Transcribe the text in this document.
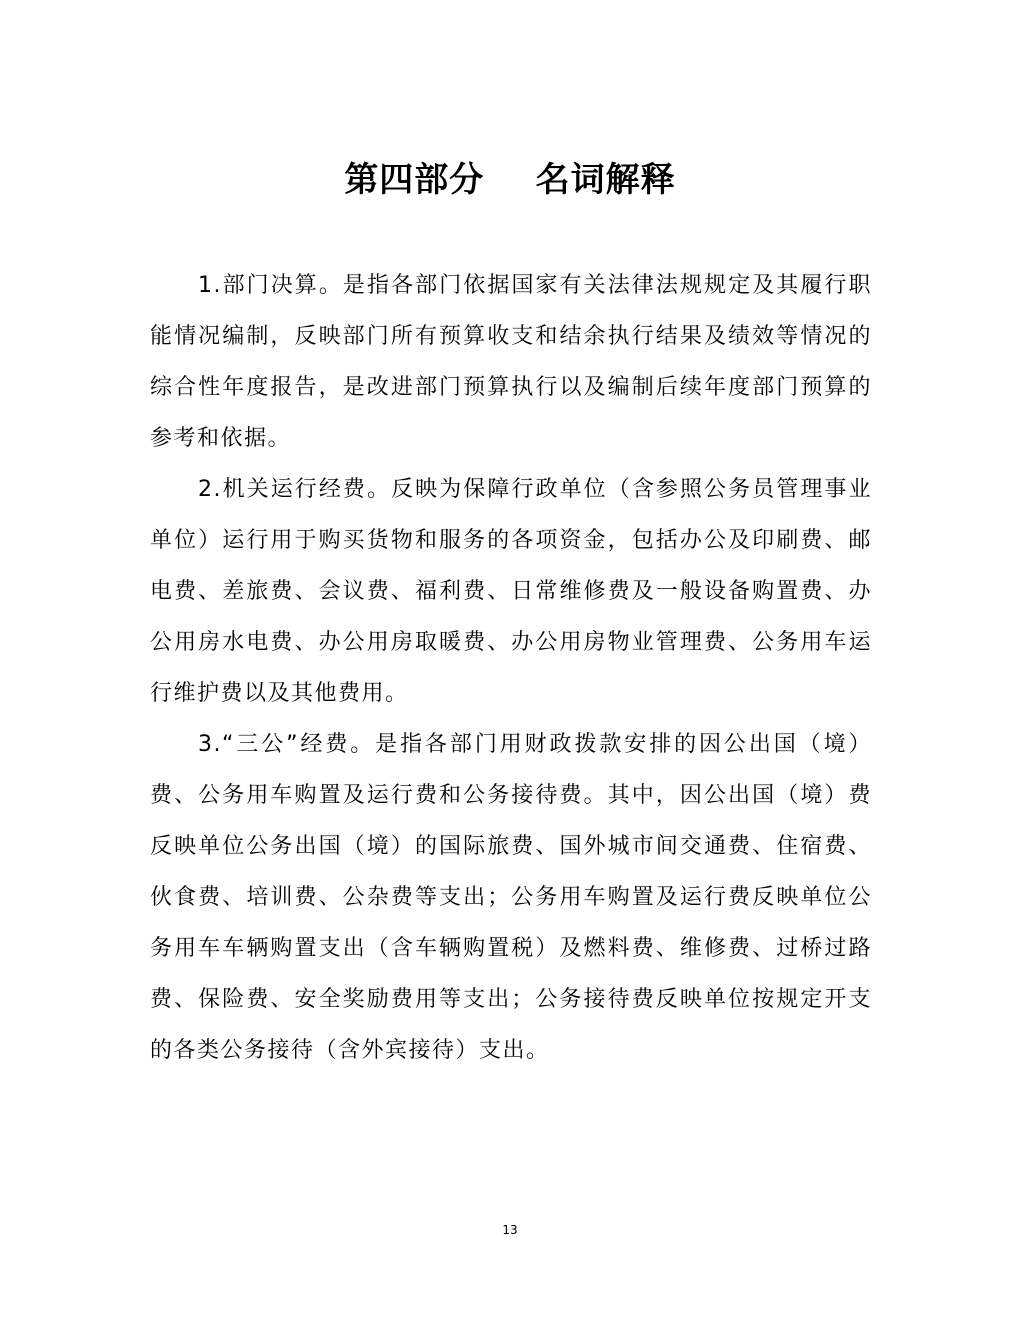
第四部分    名词解释

1.部门决算。是指各部门依据国家有关法律法规规定及其履行职能情况编制，反映部门所有预算收支和结余执行结果及绩效等情况的综合性年度报告，是改进部门预算执行以及编制后续年度部门预算的参考和依据。

2.机关运行经费。反映为保障行政单位（含参照公务员管理事业单位）运行用于购买货物和服务的各项资金，包括办公及印刷费、邮电费、差旅费、会议费、福利费、日常维修费及一般设备购置费、办公用房水电费、办公用房取暖费、办公用房物业管理费、公务用车运行维护费以及其他费用。

3.“三公”经费。是指各部门用财政拨款安排的因公出国（境）费、公务用车购置及运行费和公务接待费。其中，因公出国（境）费反映单位公务出国（境）的国际旅费、国外城市间交通费、住宿费、伙食费、培训费、公杂费等支出；公务用车购置及运行费反映单位公务用车车辆购置支出（含车辆购置税）及燃料费、维修费、过桥过路费、保险费、安全奖励费用等支出；公务接待费反映单位按规定开支的各类公务接待（含外宾接待）支出。

13
